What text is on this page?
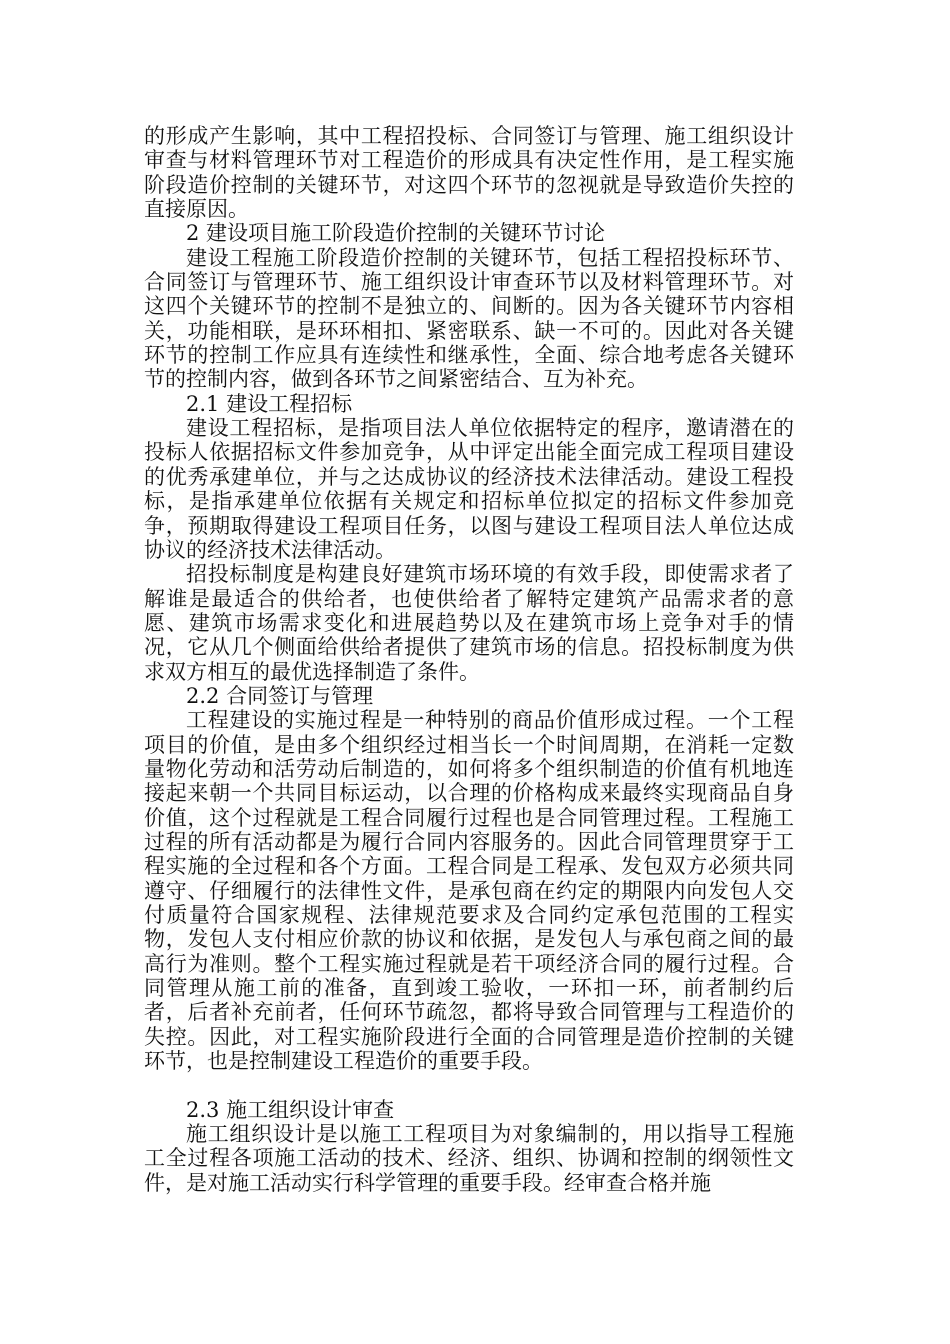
的形成产生影响，其中工程招投标、合同签订与管理、施工组织设计审查与材料管理环节对工程造价的形成具有决定性作用，是工程实施阶段造价控制的关键环节，对这四个环节的忽视就是导致造价失控的直接原因。

2 建设项目施工阶段造价控制的关键环节讨论

建设工程施工阶段造价控制的关键环节，包括工程招投标环节、合同签订与管理环节、施工组织设计审查环节以及材料管理环节。对这四个关键环节的控制不是独立的、间断的。因为各关键环节内容相关，功能相联，是环环相扣、紧密联系、缺一不可的。因此对各关键环节的控制工作应具有连续性和继承性，全面、综合地考虑各关键环节的控制内容，做到各环节之间紧密结合、互为补充。

2.1 建设工程招标

建设工程招标，是指项目法人单位依据特定的程序，邀请潜在的投标人依据招标文件参加竞争，从中评定出能全面完成工程项目建设的优秀承建单位，并与之达成协议的经济技术法律活动。建设工程投标，是指承建单位依据有关规定和招标单位拟定的招标文件参加竞争，预期取得建设工程项目任务，以图与建设工程项目法人单位达成协议的经济技术法律活动。

招投标制度是构建良好建筑市场环境的有效手段，即使需求者了解谁是最适合的供给者，也使供给者了解特定建筑产品需求者的意愿、建筑市场需求变化和进展趋势以及在建筑市场上竞争对手的情况，它从几个侧面给供给者提供了建筑市场的信息。招投标制度为供求双方相互的最优选择制造了条件。

2.2 合同签订与管理

工程建设的实施过程是一种特别的商品价值形成过程。一个工程项目的价值，是由多个组织经过相当长一个时间周期，在消耗一定数量物化劳动和活劳动后制造的，如何将多个组织制造的价值有机地连接起来朝一个共同目标运动，以合理的价格构成来最终实现商品自身价值，这个过程就是工程合同履行过程也是合同管理过程。工程施工过程的所有活动都是为履行合同内容服务的。因此合同管理贯穿于工程实施的全过程和各个方面。工程合同是工程承、发包双方必须共同遵守、仔细履行的法律性文件，是承包商在约定的期限内向发包人交付质量符合国家规程、法律规范要求及合同约定承包范围的工程实物，发包人支付相应价款的协议和依据，是发包人与承包商之间的最高行为准则。整个工程实施过程就是若干项经济合同的履行过程。合同管理从施工前的准备，直到竣工验收，一环扣一环，前者制约后者，后者补充前者，任何环节疏忽，都将导致合同管理与工程造价的失控。因此，对工程实施阶段进行全面的合同管理是造价控制的关键环节，也是控制建设工程造价的重要手段。

2.3 施工组织设计审查

施工组织设计是以施工工程项目为对象编制的，用以指导工程施工全过程各项施工活动的技术、经济、组织、协调和控制的纲领性文件，是对施工活动实行科学管理的重要手段。经审查合格并施
